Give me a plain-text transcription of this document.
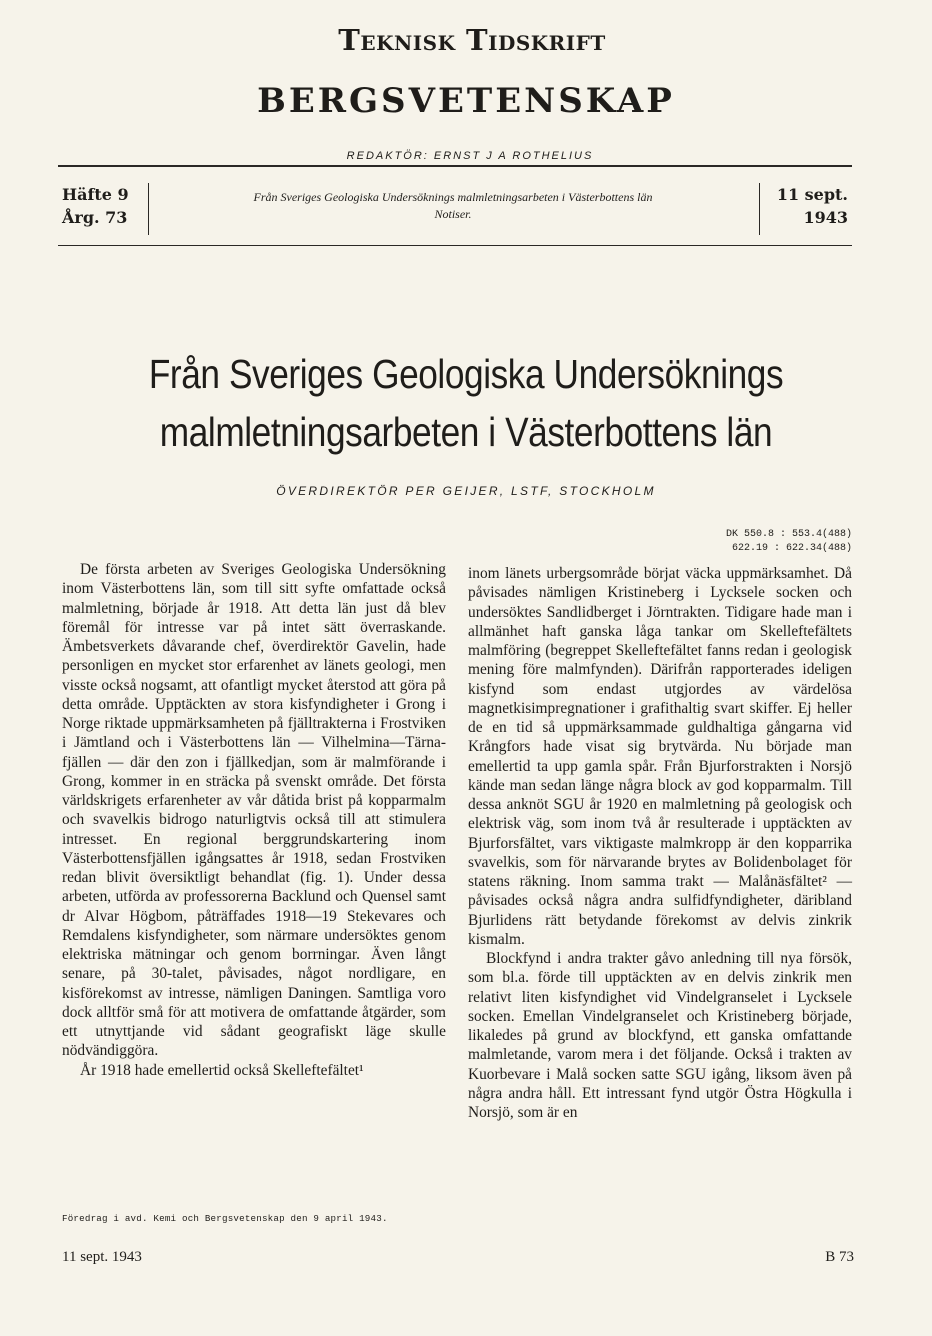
Teknisk Tidskrift
BERGSVETENSKAP
REDAKTÖR: ERNST J A ROTHELIUS
Häfte 9
Årg. 73
Från Sveriges Geologiska Undersöknings malmletningsarbeten i Västerbottens län
Notiser.
11 sept.
1943
Från Sveriges Geologiska Undersöknings
malmletningsarbeten i Västerbottens län
ÖVERDIREKTÖR PER GEIJER, LSTF, STOCKHOLM
DK 550.8 : 553.4(488)
622.19 : 622.34(488)

De första arbeten av Sveriges Geologiska Undersökning inom Västerbottens län, som till sitt syfte omfattade också malmletning, började år 1918. Att detta län just då blev föremål för intresse var på intet sätt överraskande. Ämbetsverkets dåvarande chef, överdirektör Gavelin, hade personligen en mycket stor erfarenhet av länets geologi, men visste också nogsamt, att ofantligt mycket återstod att göra på detta område. Upptäckten av stora kisfyndigheter i Grong i Norge riktade uppmärksamheten på fjälltrakterna i Frostviken i Jämtland och i Västerbottens län — Vilhelmina—Tärna-fjällen — där den zon i fjällkedjan, som är malmförande i Grong, kommer in en sträcka på svenskt område. Det första världskrigets erfarenheter av vår dåtida brist på kopparmalm och svavelkis bidrogo naturligtvis också till att stimulera intresset. En regional berggrundskartering inom Västerbottensfjällen igångsattes år 1918, sedan Frostviken redan blivit översiktligt behandlat (fig. 1). Under dessa arbeten, utförda av professorerna Backlund och Quensel samt dr Alvar Högbom, påträffades 1918—19 Stekevares och Remdalens kisfyndigheter, som närmare undersöktes genom elektriska mätningar och genom borrningar. Även långt senare, på 30-talet, påvisades, något nordligare, en kisförekomst av intresse, nämligen Daningen. Samtliga voro dock alltför små för att motivera de omfattande åtgärder, som ett utnyttjande vid sådant geografiskt läge skulle nödvändiggöra.

År 1918 hade emellertid också Skelleftefältet¹

inom länets urbergsområde börjat väcka uppmärksamhet. Då påvisades nämligen Kristineberg i Lycksele socken och undersöktes Sandlidberget i Jörntrakten. Tidigare hade man i allmänhet haft ganska låga tankar om Skelleftefältets malmföring (begreppet Skelleftefältet fanns redan i geologisk mening före malmfynden). Därifrån rapporterades ideligen kisfynd som endast utgjordes av värdelösa magnetkisimpregnationer i grafithaltig svart skiffer. Ej heller de en tid så uppmärksammade guldhaltiga gångarna vid Krångfors hade visat sig brytvärda. Nu började man emellertid ta upp gamla spår. Från Bjurforstrakten i Norsjö kände man sedan länge några block av god kopparmalm. Till dessa anknöt SGU år 1920 en malmletning på geologisk och elektrisk väg, som inom två år resulterade i upptäckten av Bjurforsfältet, vars viktigaste malmkropp är den kopparrika svavelkis, som för närvarande brytes av Bolidenbolaget för statens räkning. Inom samma trakt — Malånäsfältet² — påvisades också några andra sulfidfyndigheter, däribland Bjurlidens rätt betydande förekomst av delvis zinkrik kismalm.

Blockfynd i andra trakter gåvo anledning till nya försök, som bl.a. förde till upptäckten av en delvis zinkrik men relativt liten kisfyndighet vid Vindelgranselet i Lycksele socken. Emellan Vindelgranselet och Kristineberg började, likaledes på grund av blockfynd, ett ganska omfattande malmletande, varom mera i det följande. Också i trakten av Kuorbevare i Malå socken satte SGU igång, liksom även på några andra håll. Ett intressant fynd utgör Östra Högkulla i Norsjö, som är en

Föredrag i avd. Kemi och Bergsvetenskap den 9 april 1943.
11 sept. 1943	B 73
